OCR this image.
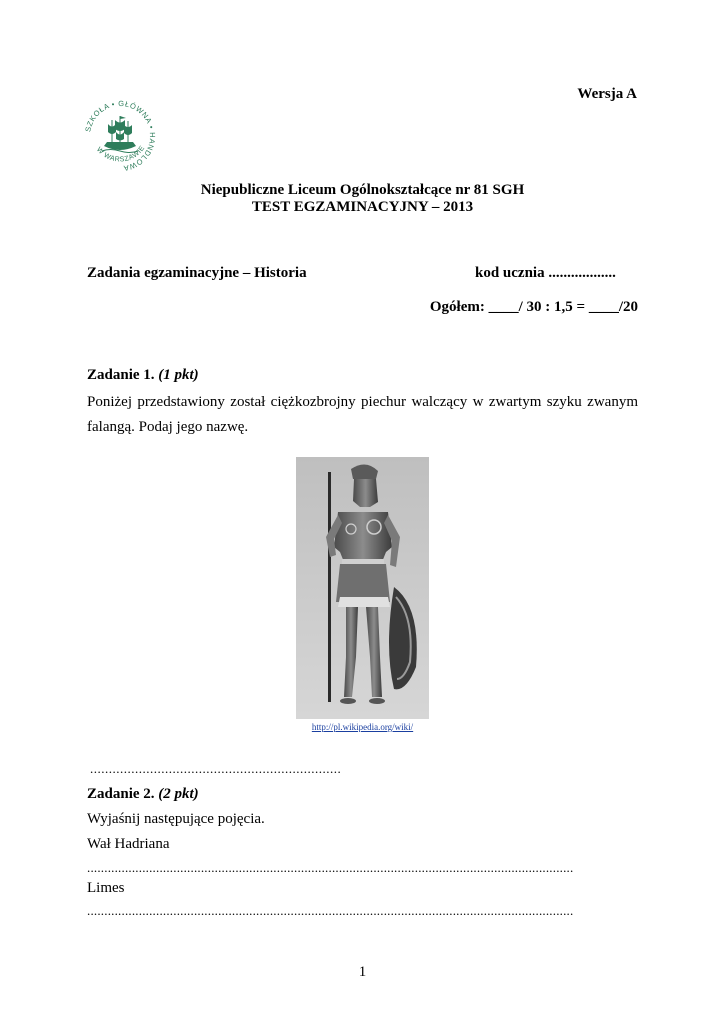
Wersja A
SZKOŁA • GŁÓWNA • HANDLOWA
W WARSZAWIE
Niepubliczne Liceum Ogólnokształcące nr 81 SGH
TEST EGZAMINACYJNY – 2013
Zadania egzaminacyjne – Historia	kod ucznia ..................
Ogółem: ____/ 30 : 1,5 = ____/20
Zadanie 1. (1 pkt)
Poniżej przedstawiony został ciężkozbrojny piechur walczący w zwartym szyku zwanym falangą. Podaj jego nazwę.
http://pl.wikipedia.org/wiki/
...................................................................
Zadanie 2. (2 pkt)
Wyjaśnij następujące pojęcia.
Wał Hadriana
.............................................................................................................................................
Limes
.............................................................................................................................................
1
